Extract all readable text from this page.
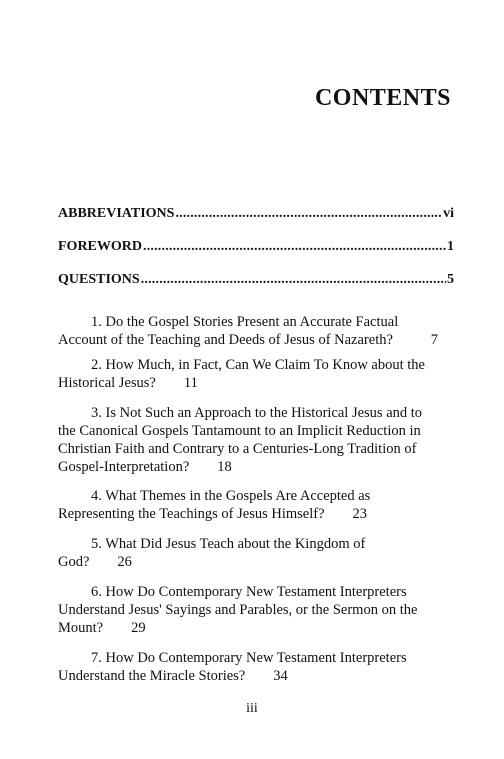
CONTENTS
ABBREVIATIONS .....	vi
FOREWORD .....	1
QUESTIONS .....	5
1. Do the Gospel Stories Present an Accurate Factual
Account of the Teaching and Deeds of Jesus of Nazareth?	7
2. How Much, in Fact, Can We Claim To Know about the
Historical Jesus? 11
3. Is Not Such an Approach to the Historical Jesus and to
the Canonical Gospels Tantamount to an Implicit Reduction in
Christian Faith and Contrary to a Centuries-Long Tradition of
Gospel-Interpretation? 18
4. What Themes in the Gospels Are Accepted as
Representing the Teachings of Jesus Himself? 23
5. What Did Jesus Teach about the Kingdom of
God? 26
6. How Do Contemporary New Testament Interpreters
Understand Jesus' Sayings and Parables, or the Sermon on the
Mount? 29
7. How Do Contemporary New Testament Interpreters
Understand the Miracle Stories? 34
iii
